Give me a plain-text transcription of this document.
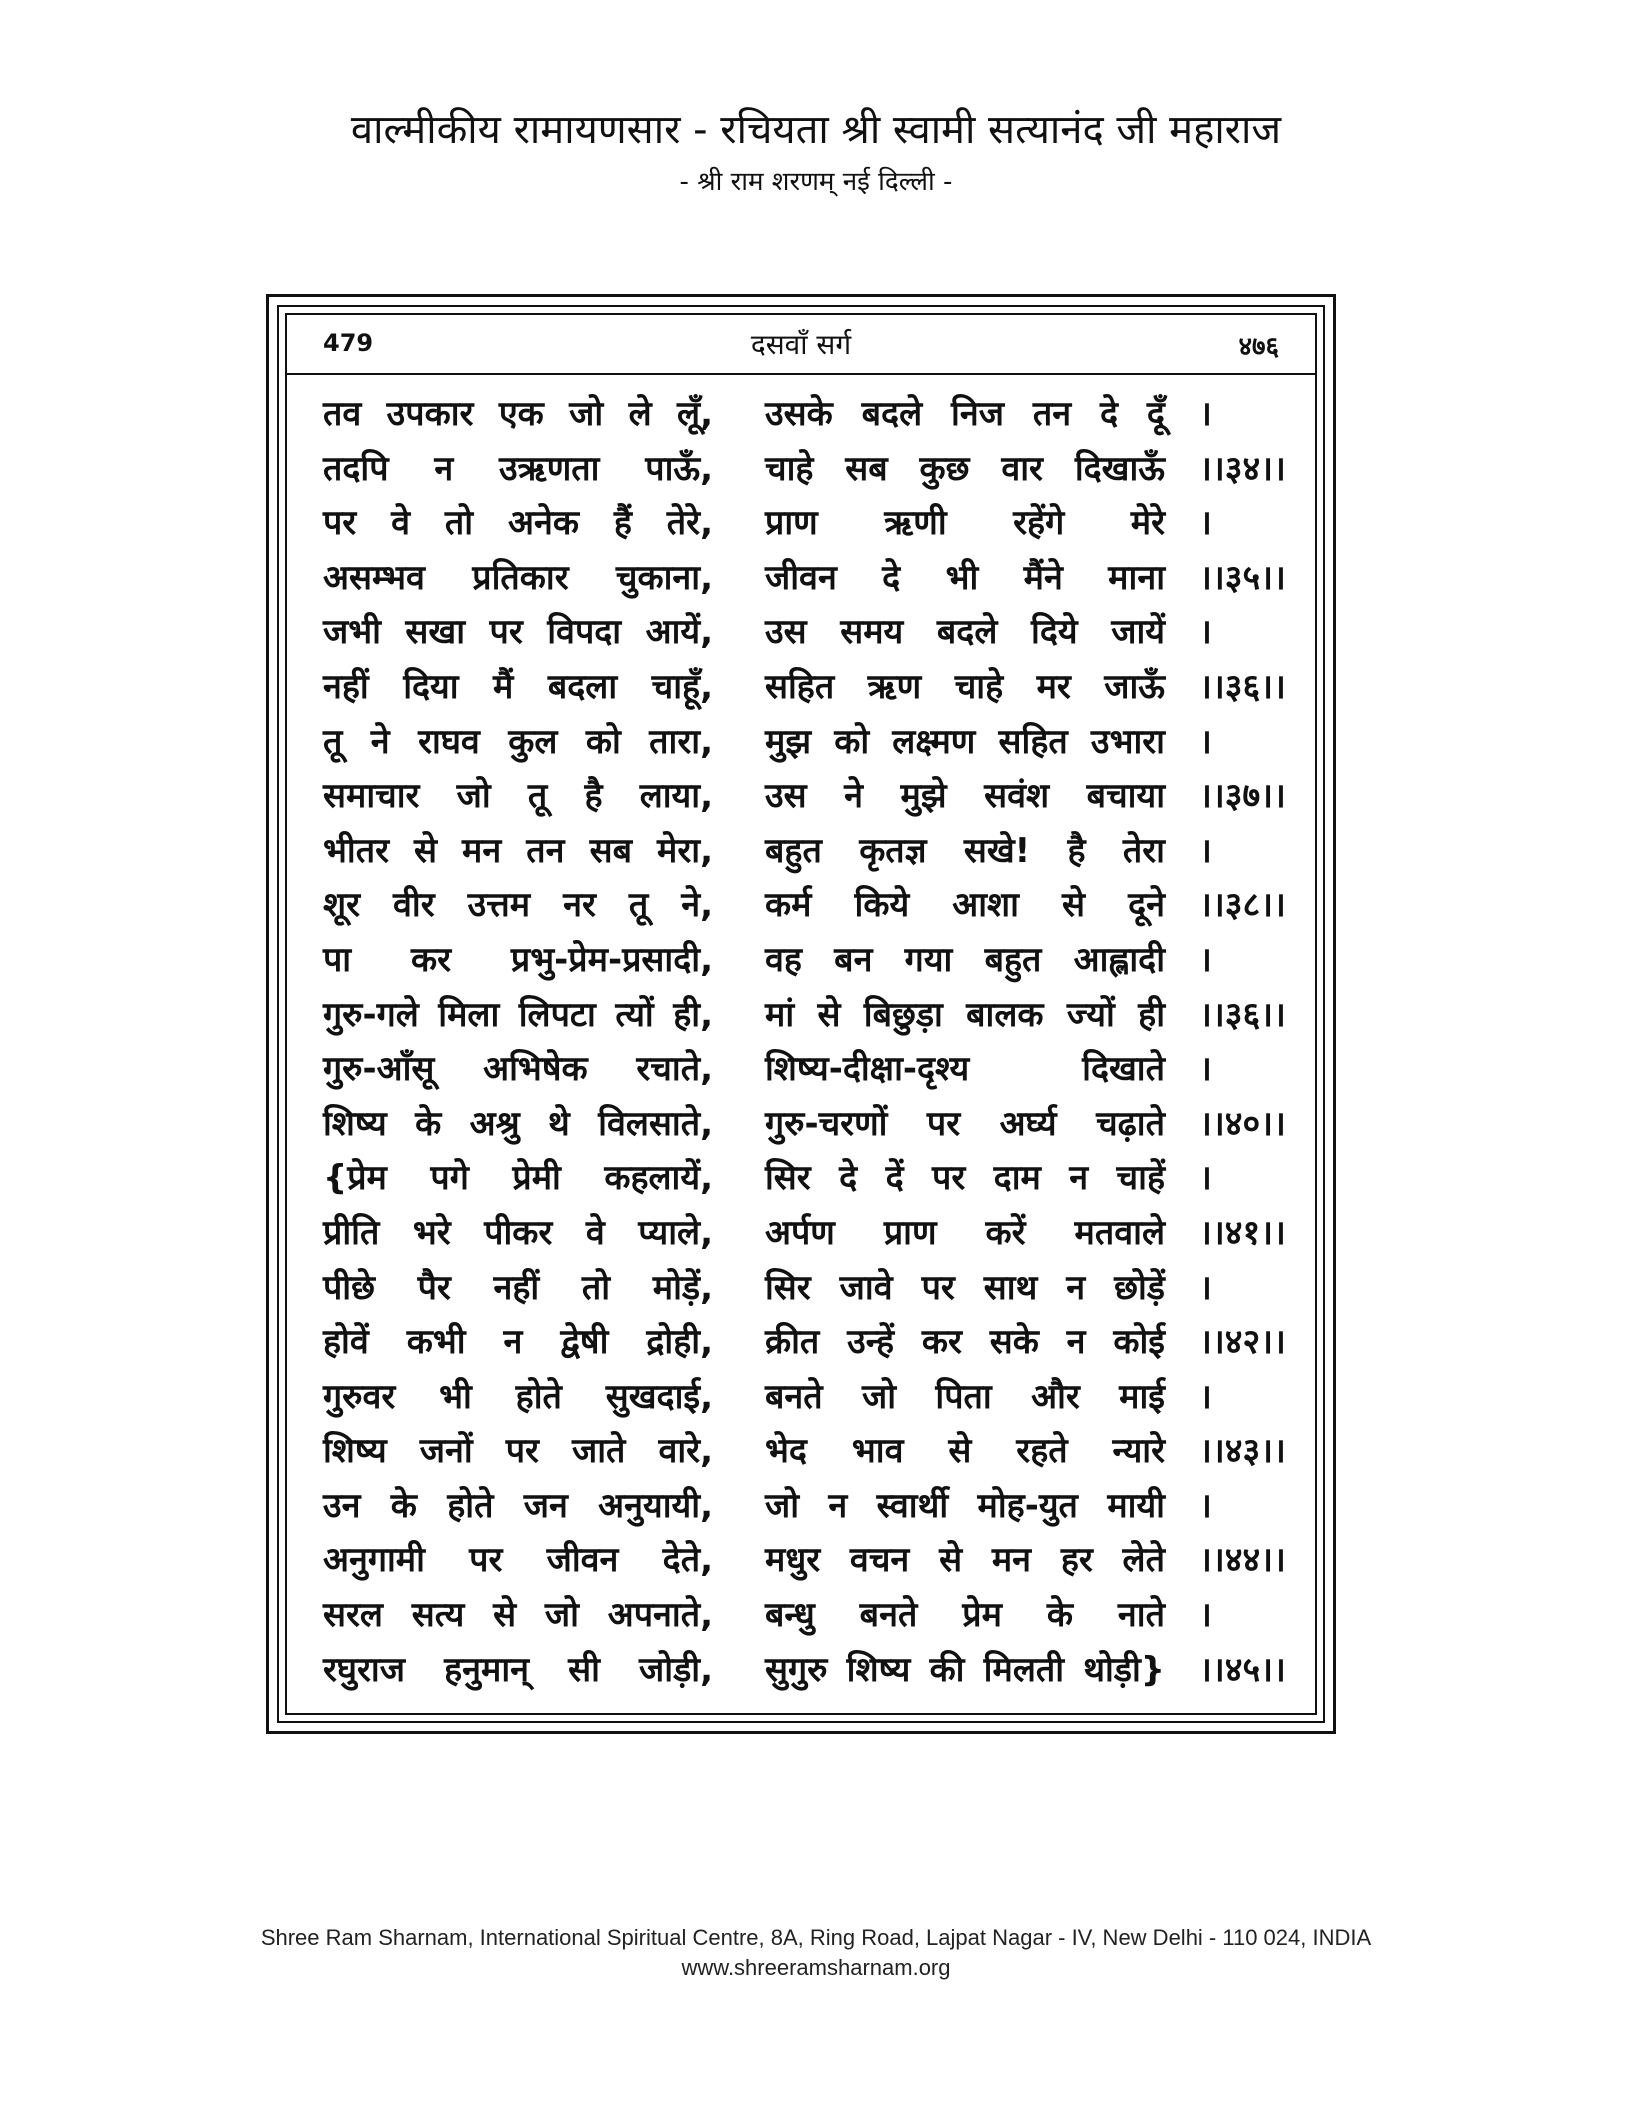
वाल्मीकीय रामायणसार - रचियता श्री स्वामी सत्यानंद जी महाराज
- श्री राम शरणम् नई दिल्ली -
479	दसवाँ सर्ग	४७६
तव उपकार एक जो ले लूँ, उसके बदले निज तन दे दूँ ।
तदपि न उऋणता पाऊँ, चाहे सब कुछ वार दिखाऊँ ।।३४।।
पर वे तो अनेक हैं तेरे, प्राण ऋणी रहेंगे मेरे ।
असम्भव प्रतिकार चुकाना, जीवन दे भी मैंने माना ।।३५।।
जभी सखा पर विपदा आयें, उस समय बदले दिये जायें ।
नहीं दिया मैं बदला चाहूँ, सहित ऋण चाहे मर जाऊँ ।।३६।।
तू ने राघव कुल को तारा, मुझ को लक्ष्मण सहित उभारा ।
समाचार जो तू है लाया, उस ने मुझे सवंश बचाया ।।३७।।
भीतर से मन तन सब मेरा, बहुत कृतज्ञ सखे! है तेरा ।
शूर वीर उत्तम नर तू ने, कर्म किये आशा से दूने ।।३८।।
पा कर प्रभु-प्रेम-प्रसादी, वह बन गया बहुत आह्लादी ।
गुरु-गले मिला लिपटा त्यों ही, मां से बिछुड़ा बालक ज्यों ही ।।३६।।
गुरु-आँसू अभिषेक रचाते, शिष्य-दीक्षा-दृश्य दिखाते ।
शिष्य के अश्रु थे विलसाते, गुरु-चरणों पर अर्घ्य चढ़ाते ।।४०।।
{प्रेम पगे प्रेमी कहलायें, सिर दे दें पर दाम न चाहें ।
प्रीति भरे पीकर वे प्याले, अर्पण प्राण करें मतवाले ।।४१।।
पीछे पैर नहीं तो मोड़ें, सिर जावे पर साथ न छोड़ें ।
होवें कभी न द्वेषी द्रोही, क्रीत उन्हें कर सके न कोई ।।४२।।
गुरुवर भी होते सुखदाई, बनते जो पिता और माई ।
शिष्य जनों पर जाते वारे, भेद भाव से रहते न्यारे ।।४३।।
उन के होते जन अनुयायी, जो न स्वार्थी मोह-युत मायी ।
अनुगामी पर जीवन देते, मधुर वचन से मन हर लेते ।।४४।।
सरल सत्य से जो अपनाते, बन्धु बनते प्रेम के नाते ।
रघुराज हनुमान् सी जोड़ी, सुगुरु शिष्य की मिलती थोड़ी} ।।४५।।
Shree Ram Sharnam, International Spiritual Centre, 8A, Ring Road, Lajpat Nagar - IV, New Delhi - 110 024, INDIA
www.shreeramsharnam.org
